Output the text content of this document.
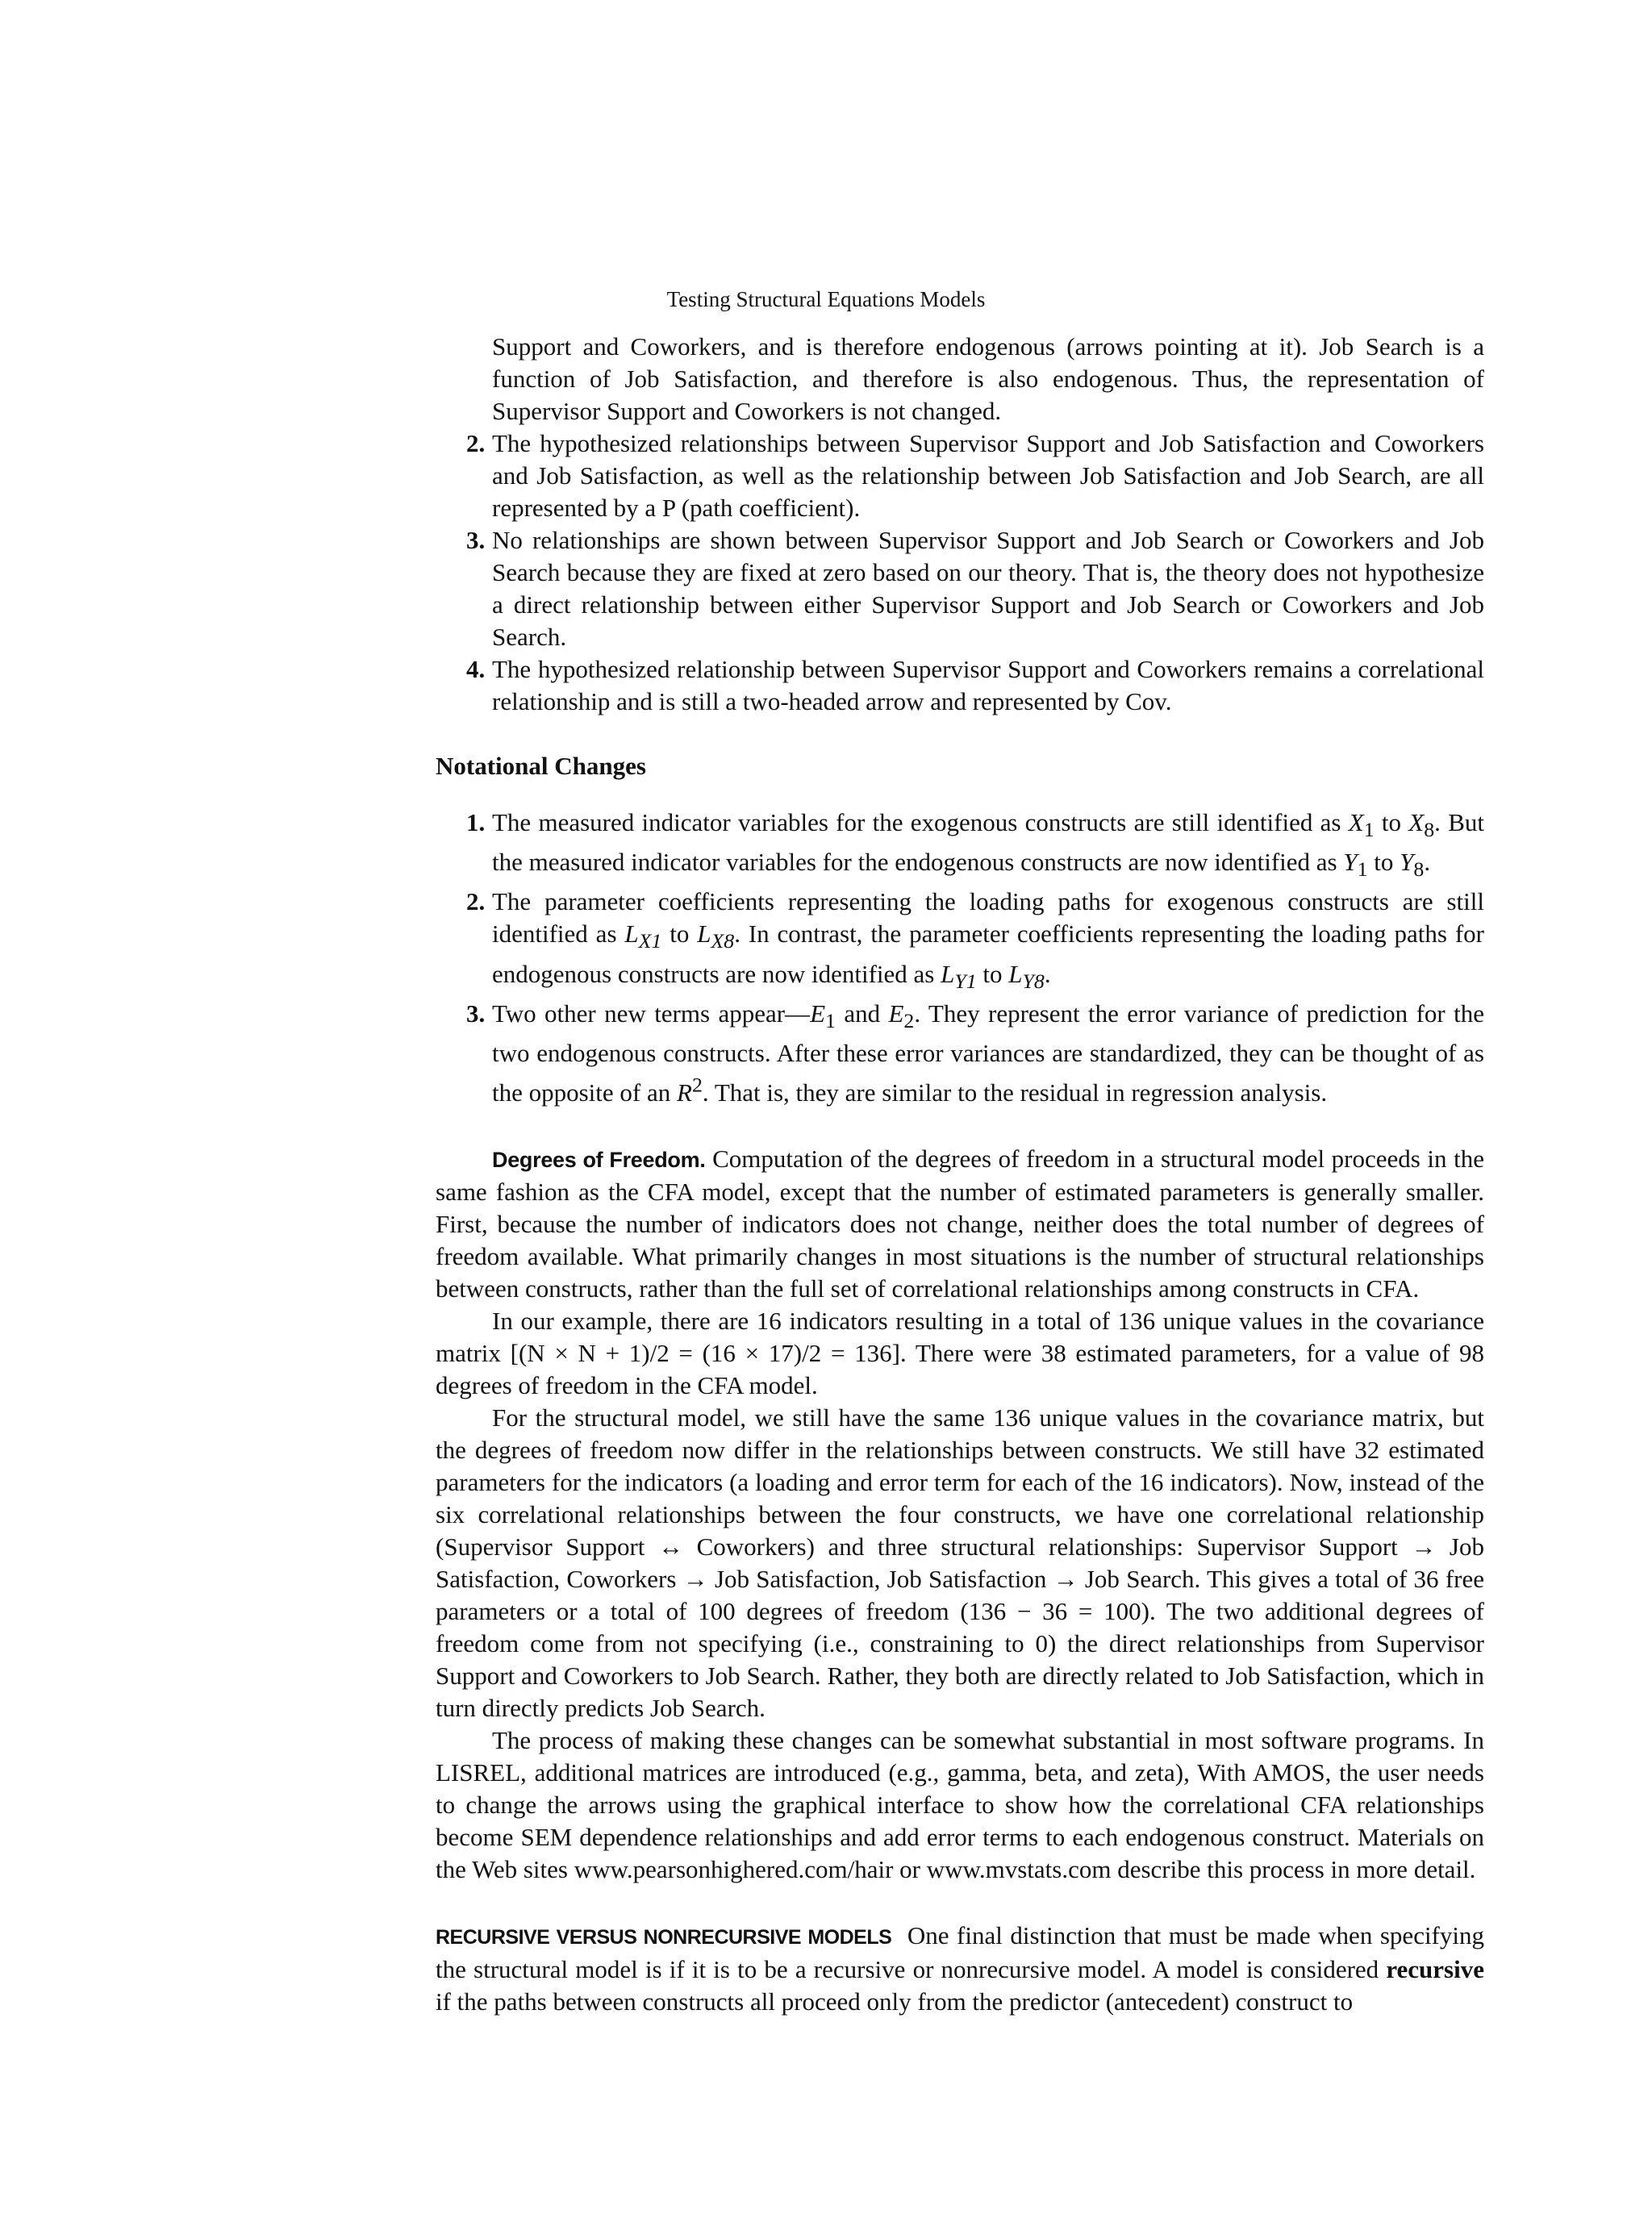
Testing Structural Equations Models

Support and Coworkers, and is therefore endogenous (arrows pointing at it). Job Search is a function of Job Satisfaction, and therefore is also endogenous. Thus, the representation of Supervisor Support and Coworkers is not changed.

2. The hypothesized relationships between Supervisor Support and Job Satisfaction and Coworkers and Job Satisfaction, as well as the relationship between Job Satisfaction and Job Search, are all represented by a P (path coefficient).
3. No relationships are shown between Supervisor Support and Job Search or Coworkers and Job Search because they are fixed at zero based on our theory. That is, the theory does not hypothesize a direct relationship between either Supervisor Support and Job Search or Coworkers and Job Search.
4. The hypothesized relationship between Supervisor Support and Coworkers remains a correlational relationship and is still a two-headed arrow and represented by Cov.
Notational Changes
1. The measured indicator variables for the exogenous constructs are still identified as $X_1$ to $X_8$. But the measured indicator variables for the endogenous constructs are now identified as $Y_1$ to $Y_8$.
2. The parameter coefficients representing the loading paths for exogenous constructs are still identified as $L_{X1}$ to $L_{X8}$. In contrast, the parameter coefficients representing the loading paths for endogenous constructs are now identified as $L_{Y1}$ to $L_{Y8}$.
3. Two other new terms $appear—E_1$ and $E_2$. They represent the error variance of prediction for the two endogenous constructs. After these error variances are standardized, they can be thought of as the opposite of an $R^2$. That is, they are similar to the residual in regression analysis.

Degrees of Freedom. Computation of the degrees of freedom in a structural model proceeds in the same fashion as the CFA model, except that the number of estimated parameters is generally smaller. First, because the number of indicators does not change, neither does the total number of degrees of freedom available. What primarily changes in most situations is the number of structural relationships between constructs, rather than the full set of correlational relationships among constructs in CFA.

In our example, there are 16 indicators resulting in a total of 136 unique values in the covariance matrix [(N × N + 1)/2 = (16 × 17)/2 = 136]. There were 38 estimated parameters, for a value of 98 degrees of freedom in the CFA model.

For the structural model, we still have the same 136 unique values in the covariance matrix, but the degrees of freedom now differ in the relationships between constructs. We still have 32 estimated parameters for the indicators (a loading and error term for each of the 16 indicators). Now, instead of the six correlational relationships between the four constructs, we have one correlational relationship (Supervisor Support ↔ Coworkers) and three structural relationships: Supervisor Support → Job Satisfaction, Coworkers → Job Satisfaction, Job Satisfaction → Job Search. This gives a total of 36 free parameters or a total of 100 degrees of freedom (136 − 36 = 100). The two additional degrees of freedom come from not specifying (i.e., constraining to 0) the direct relationships from Supervisor Support and Coworkers to Job Search. Rather, they both are directly related to Job Satisfaction, which in turn directly predicts Job Search.

The process of making these changes can be somewhat substantial in most software programs. In LISREL, additional matrices are introduced (e.g., gamma, beta, and zeta), With AMOS, the user needs to change the arrows using the graphical interface to show how the correlational CFA relationships become SEM dependence relationships and add error terms to each endogenous construct. Materials on the Web sites www.pearsonhighered.com/hair or www.mvstats.com describe this process in more detail.

RECURSIVE VERSUS NONRECURSIVE MODELS One final distinction that must be made when specifying the structural model is if it is to be a recursive or nonrecursive model. A model is considered recursive if the paths between constructs all proceed only from the predictor (antecedent) construct to
